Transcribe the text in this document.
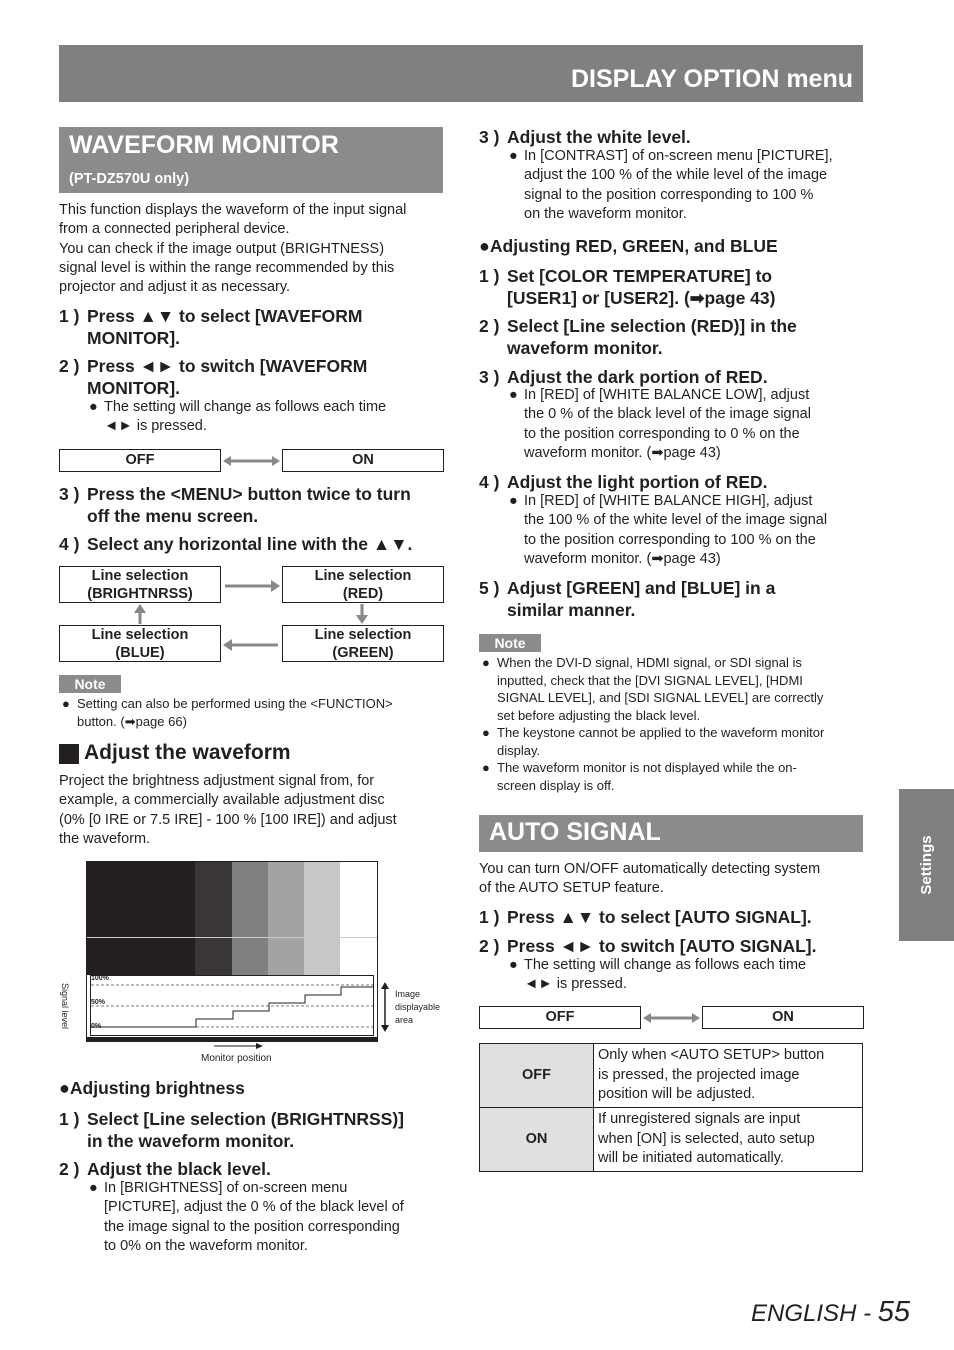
DISPLAY OPTION menu
WAVEFORM MONITOR
(PT-DZ570U only)
This function displays the waveform of the input signal
from a connected peripheral device.
You can check if the image output (BRIGHTNESS)
signal level is within the range recommended by this
projector and adjust it as necessary.
1 ) Press ▲▼ to select [WAVEFORM
MONITOR].
2 ) Press ◄► to switch [WAVEFORM
MONITOR].
● The setting will change as follows each time
◄► is pressed.
OFF	ON
3 ) Press the <MENU> button twice to turn
off the menu screen.
4 ) Select any horizontal line with the ▲▼.
Line selection
(BRIGHTNRSS)
Line selection
(RED)
Line selection
(BLUE)
Line selection
(GREEN)
Note
● Setting can also be performed using the <FUNCTION>
button. (➡page 66)
Adjust the waveform
Project the brightness adjustment signal from, for
example, a commercially available adjustment disc
(0% [0 IRE or 7.5 IRE] - 100 % [100 IRE]) and adjust
the waveform.
Signal level
100%
50%
0%
Image
displayable
area
Monitor position
●Adjusting brightness
1 ) Select [Line selection (BRIGHTNRSS)]
in the waveform monitor.
2 ) Adjust the black level.
● In [BRIGHTNESS] of on-screen menu
[PICTURE], adjust the 0 % of the black level of
the image signal to the position corresponding
to 0% on the waveform monitor.
3 ) Adjust the white level.
● In [CONTRAST] of on-screen menu [PICTURE],
adjust the 100 % of the while level of the image
signal to the position corresponding to 100 %
on the waveform monitor.
●Adjusting RED, GREEN, and BLUE
1 ) Set [COLOR TEMPERATURE] to
[USER1] or [USER2]. (➡page 43)
2 ) Select [Line selection (RED)] in the
waveform monitor.
3 ) Adjust the dark portion of RED.
● In [RED] of [WHITE BALANCE LOW], adjust
the 0 % of the black level of the image signal
to the position corresponding to 0 % on the
waveform monitor. (➡page 43)
4 ) Adjust the light portion of RED.
● In [RED] of [WHITE BALANCE HIGH], adjust
the 100 % of the white level of the image signal
to the position corresponding to 100 % on the
waveform monitor. (➡page 43)
5 ) Adjust [GREEN] and [BLUE] in a
similar manner.
Note
● When the DVI-D signal, HDMI signal, or SDI signal is
inputted, check that the [DVI SIGNAL LEVEL], [HDMI
SIGNAL LEVEL], and [SDI SIGNAL LEVEL] are correctly
set before adjusting the black level.
● The keystone cannot be applied to the waveform monitor
display.
● The waveform monitor is not displayed while the on-
screen display is off.
AUTO SIGNAL
You can turn ON/OFF automatically detecting system
of the AUTO SETUP feature.
1 ) Press ▲▼ to select [AUTO SIGNAL].
2 ) Press ◄► to switch [AUTO SIGNAL].
● The setting will change as follows each time
◄► is pressed.
OFF	ON
OFF	Only when <AUTO SETUP> button
is pressed, the projected image
position will be adjusted.

ON	If unregistered signals are input
when [ON] is selected, auto setup
will be initiated automatically.
Settings
ENGLISH - 55
